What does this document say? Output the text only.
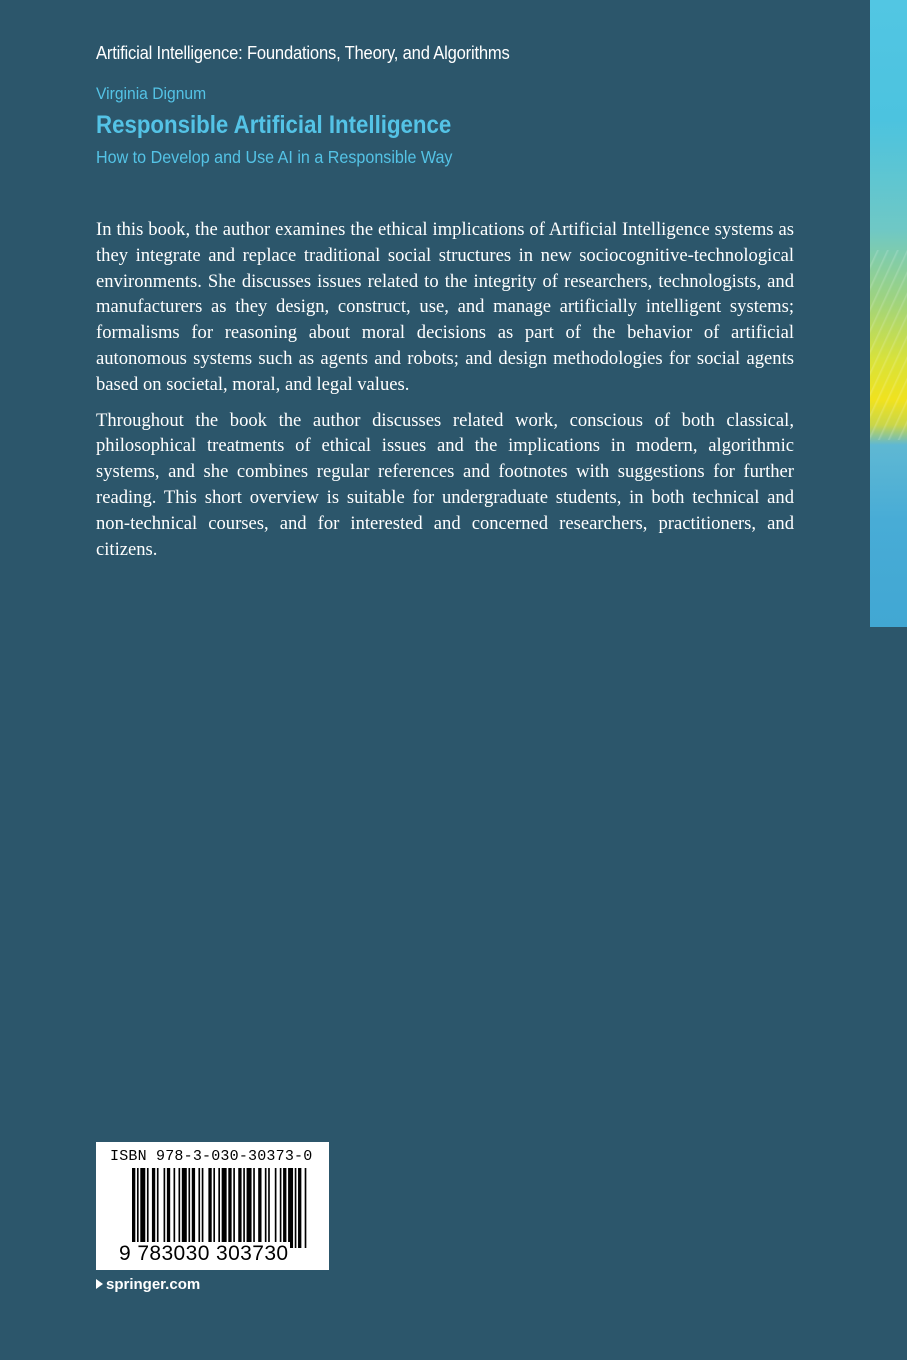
Artificial Intelligence: Foundations, Theory, and Algorithms
Virginia Dignum
Responsible Artificial Intelligence
How to Develop and Use AI in a Responsible Way

In this book, the author examines the ethical implications of Artificial Intelligence systems as they integrate and replace traditional social structures in new sociocognitive-technological environments. She discusses issues related to the integrity of researchers, technologists, and manufacturers as they design, construct, use, and manage artificially intelligent systems; formalisms for reasoning about moral decisions as part of the behavior of artificial autonomous systems such as agents and robots; and design methodologies for social agents based on societal, moral, and legal values.

Throughout the book the author discusses related work, conscious of both classical, philosophical treatments of ethical issues and the implications in modern, algorithmic systems, and she combines regular references and footnotes with suggestions for further reading. This short overview is suitable for undergraduate students, in both technical and non-technical courses, and for interested and concerned researchers, practitioners, and citizens.

ISBN 978-3-030-30373-0
9 783030 303730
springer.com
